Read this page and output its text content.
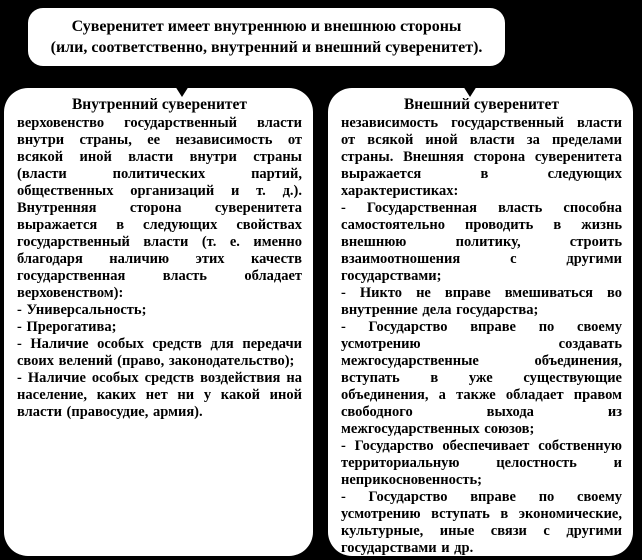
Суверенитет имеет внутреннюю и внешнюю стороны
(или, соответственно, внутренний и внешний суверенитет).
Внутренний суверенитет

верховенство государственный власти внутри страны, ее независимость от всякой иной власти внутри страны (власти политических партий, общественных организаций и т. д.). Внутренняя сторона суверенитета выражается в следующих свойствах государственный власти (т. е. именно благодаря наличию этих качеств государственная власть обладает верховенством):

- Универсальность;

- Прерогатива;

- Наличие особых средств для передачи своих велений (право, законодательство);

- Наличие особых средств воздействия на население, каких нет ни у какой иной власти (правосудие, армия).

Внешний суверенитет

независимость государственный власти от всякой иной власти за пределами страны. Внешняя сторона суверенитета выражается в следующих характеристиках:

- Государственная власть способна самостоятельно проводить в жизнь внешнюю политику, строить взаимоотношения с другими государствами;

- Никто не вправе вмешиваться во внутренние дела государства;

- Государство вправе по своему усмотрению создавать межгосударственные объединения, вступать в уже существующие объединения, а также обладает правом свободного выхода из межгосударственных союзов;

- Государство обеспечивает собственную территориальную целостность и неприкосновенность;

- Государство вправе по своему усмотрению вступать в экономические, культурные, иные связи с другими государствами и др.
